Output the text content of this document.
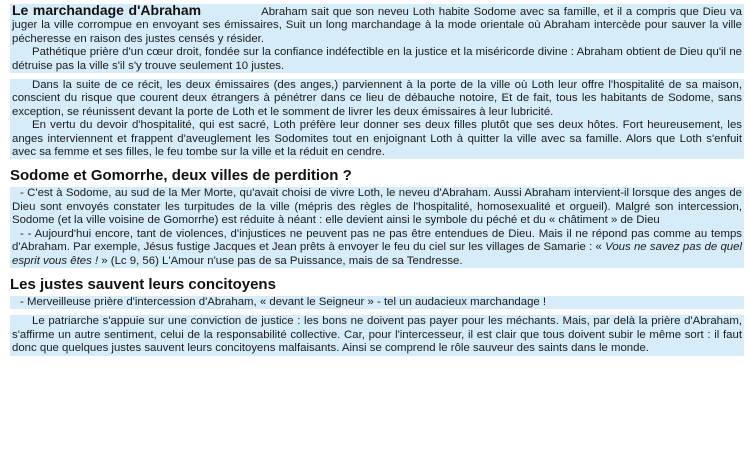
Le marchandage d'Abraham	Abraham sait que son neveu Loth habite Sodome avec sa famille, et il a compris que Dieu va juger la ville corrompue en envoyant ses émissaires, Suit un long marchandage à la mode orientale où Abraham intercède pour sauver la ville pécheresse en raison des justes censés y résider.

Pathétique prière d'un cœur droit, fondée sur la confiance indéfectible en la justice et la miséricorde divine : Abraham obtient de Dieu qu'il ne détruise pas la ville s'il s'y trouve seulement 10 justes.

Dans la suite de ce récit, les deux émissaires (des anges,) parviennent à la porte de la ville où Loth leur offre l'hospitalité de sa maison, conscient du risque que courent deux étrangers à pénétrer dans ce lieu de débauche notoire, Et de fait, tous les habitants de Sodome, sans exception, se réunissent devant la porte de Loth et le somment de livrer les deux émissaires à leur lubricité.

En vertu du devoir d'hospitalité, qui est sacré, Loth préfère leur donner ses deux filles plutôt que ses deux hôtes. Fort heureusement, les anges interviennent et frappent d'aveuglement les Sodomites tout en enjoignant Loth à quitter la ville avec sa famille. Alors que Loth s'enfuit avec sa femme et ses filles, le feu tombe sur la ville et la réduit en cendre.

Sodome et Gomorrhe, deux villes de perdition ?

- C'est à Sodome, au sud de la Mer Morte, qu'avait choisi de vivre Loth, le neveu d'Abraham. Aussi Abraham intervient-il lorsque des anges de Dieu sont envoyés constater les turpitudes de la ville (mépris des règles de l'hospitalité, homosexualité et orgueil). Malgré son intercession, Sodome (et la ville voisine de Gomorrhe) est réduite à néant : elle devient ainsi le symbole du péché et du « châtiment » de Dieu

- - Aujourd'hui encore, tant de violences, d'injustices ne peuvent pas ne pas être entendues de Dieu. Mais il ne répond pas comme au temps d'Abraham. Par exemple, Jésus fustige Jacques et Jean prêts à envoyer le feu du ciel sur les villages de Samarie : « Vous ne savez pas de quel esprit vous êtes ! » (Lc 9, 56) L'Amour n'use pas de sa Puissance, mais de sa Tendresse.

Les justes sauvent leurs concitoyens

- Merveilleuse prière d'intercession d'Abraham, « devant le Seigneur » - tel un audacieux marchandage !

Le patriarche s'appuie sur une conviction de justice : les bons ne doivent pas payer pour les méchants. Mais, par delà la prière d'Abraham, s'affirme un autre sentiment, celui de la responsabilité collective. Car, pour l'intercesseur, il est clair que tous doivent subir le même sort : il faut donc que quelques justes sauvent leurs concitoyens malfaisants. Ainsi se comprend le rôle sauveur des saints dans le monde.
